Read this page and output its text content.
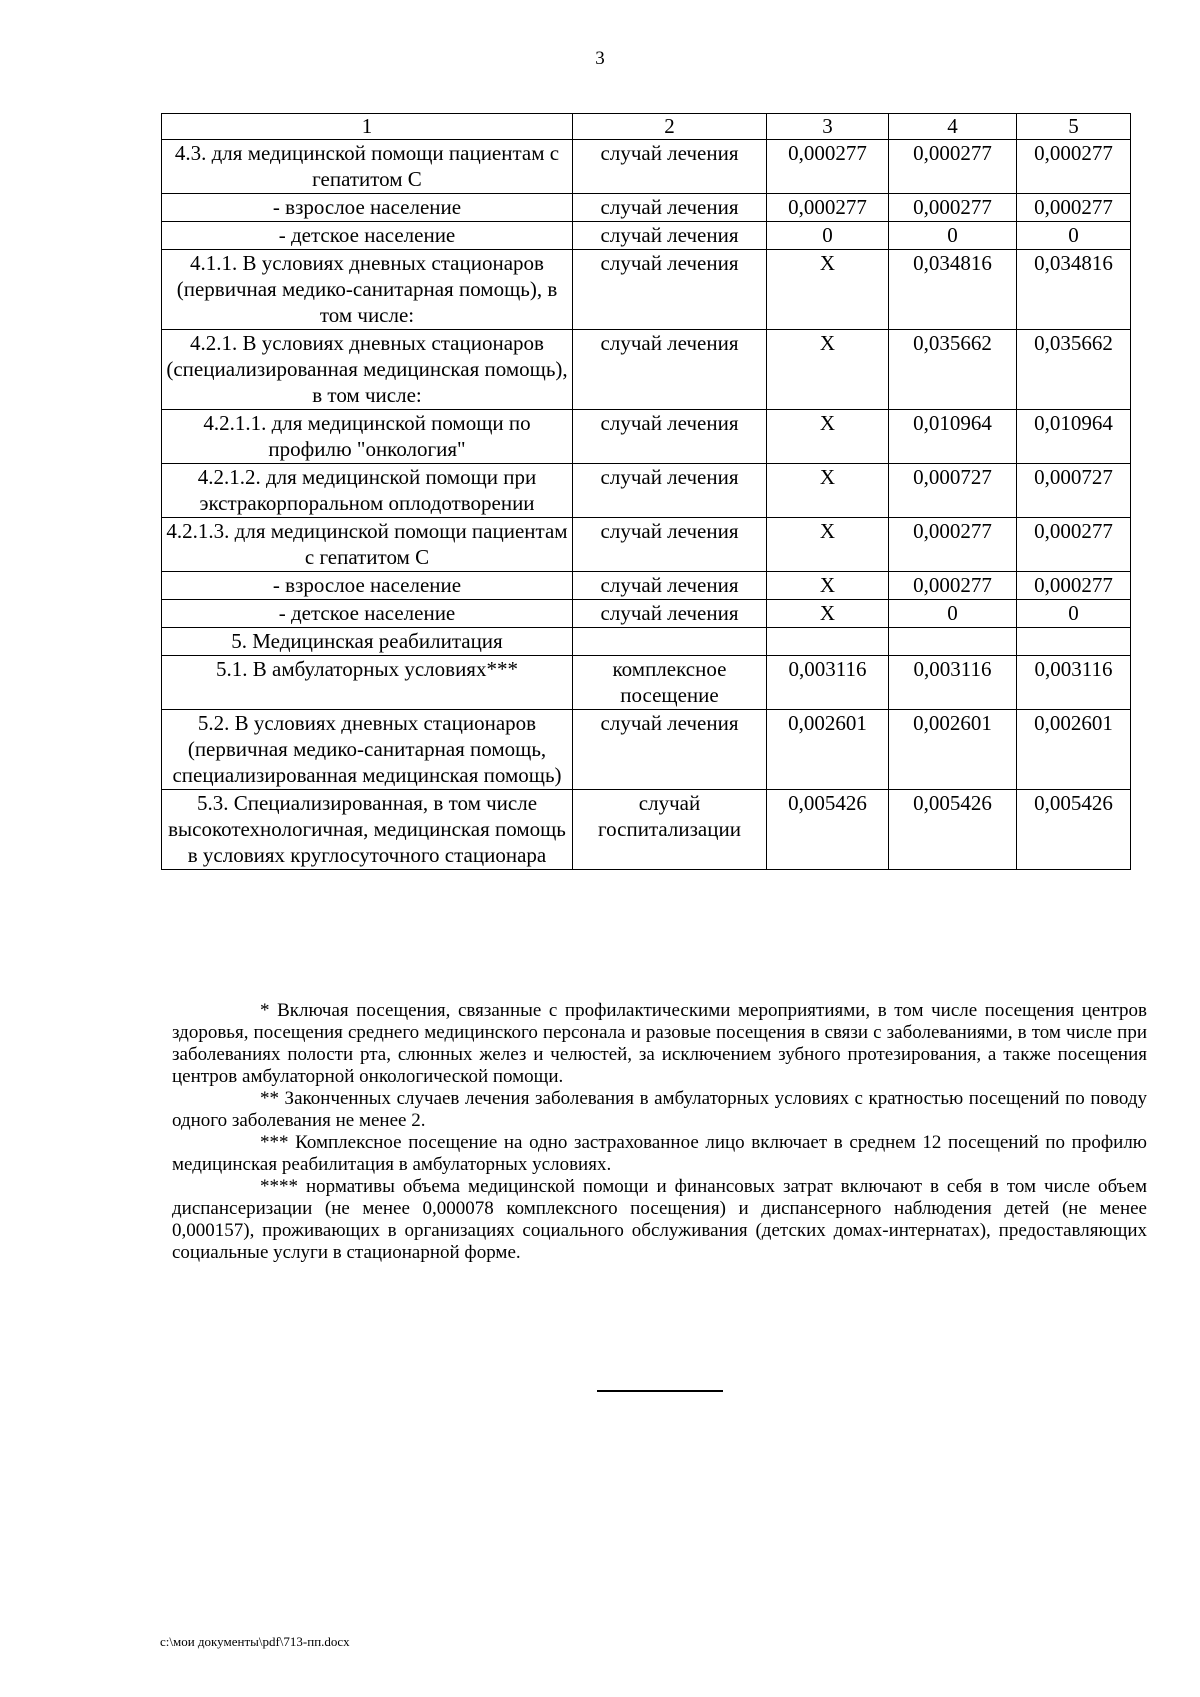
3
1	2	3	4	5
4.3. для медицинской помощи пациентам с гепатитом С	случай лечения	0,000277	0,000277	0,000277
- взрослое население	случай лечения	0,000277	0,000277	0,000277
- детское население	случай лечения	0	0	0
4.1.1. В условиях дневных стационаров (первичная медико-санитарная помощь), в том числе:	случай лечения	X	0,034816	0,034816
4.2.1. В условиях дневных стационаров (специализированная медицинская помощь), в том числе:	случай лечения	X	0,035662	0,035662
4.2.1.1. для медицинской помощи по профилю "онкология"	случай лечения	X	0,010964	0,010964
4.2.1.2. для медицинской помощи при экстракорпоральном оплодотворении	случай лечения	X	0,000727	0,000727
4.2.1.3. для медицинской помощи пациентам с гепатитом С	случай лечения	X	0,000277	0,000277
- взрослое население	случай лечения	X	0,000277	0,000277
- детское население	случай лечения	X	0	0
5. Медицинская реабилитация				
5.1. В амбулаторных условиях***	комплексное посещение	0,003116	0,003116	0,003116
5.2. В условиях дневных стационаров (первичная медико-санитарная помощь, специализированная медицинская помощь)	случай лечения	0,002601	0,002601	0,002601
5.3. Специализированная, в том числе высокотехнологичная, медицинская помощь в условиях круглосуточного стационара	случай госпитализации	0,005426	0,005426	0,005426

* Включая посещения, связанные с профилактическими мероприятиями, в том числе посещения центров здоровья, посещения среднего медицинского персонала и разовые посещения в связи с заболеваниями, в том числе при заболеваниях полости рта, слюнных желез и челюстей, за исключением зубного протезирования, а также посещения центров амбулаторной онкологической помощи.

** Законченных случаев лечения заболевания в амбулаторных условиях с кратностью посещений по поводу одного заболевания не менее 2.

*** Комплексное посещение на одно застрахованное лицо включает в среднем 12 посещений по профилю медицинская реабилитация в амбулаторных условиях.

**** нормативы объема медицинской помощи и финансовых затрат включают в себя в том числе объем диспансеризации (не менее 0,000078 комплексного посещения) и диспансерного наблюдения детей (не менее 0,000157), проживающих в организациях социального обслуживания (детских домах-интернатах), предоставляющих социальные услуги в стационарной форме.

c:\мои документы\pdf\713-пп.docx
